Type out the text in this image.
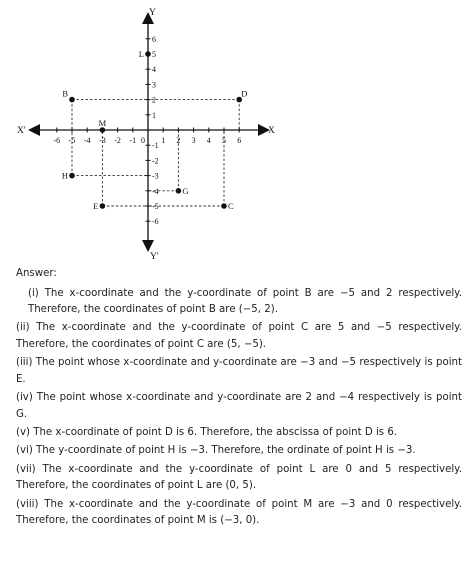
X
X'
Y
Y'
0
-6 -5 -4 -3 -2 -1	1 2 3 4 5 6
6
5
4
3
2
1
-1
-2
-3
-4
-5
-6
L
B	D
M
H
G
E	C
Answer:
(i) The x-coordinate and the y-coordinate of point B are −5 and 2 respectively. Therefore, the coordinates of point B are (−5, 2).
(ii) The x-coordinate and the y-coordinate of point C are 5 and −5 respectively. Therefore, the coordinates of point C are (5, −5).
(iii) The point whose x-coordinate and y-coordinate are −3 and −5 respectively is point E.
(iv) The point whose x-coordinate and y-coordinate are 2 and −4 respectively is point G.
(v) The x-coordinate of point D is 6. Therefore, the abscissa of point D is 6.
(vi) The y-coordinate of point H is −3. Therefore, the ordinate of point H is −3.
(vii) The x-coordinate and the y-coordinate of point L are 0 and 5 respectively. Therefore, the coordinates of point L are (0, 5).
(viii) The x-coordinate and the y-coordinate of point M are −3 and 0 respectively. Therefore, the coordinates of point M is (−3, 0).
